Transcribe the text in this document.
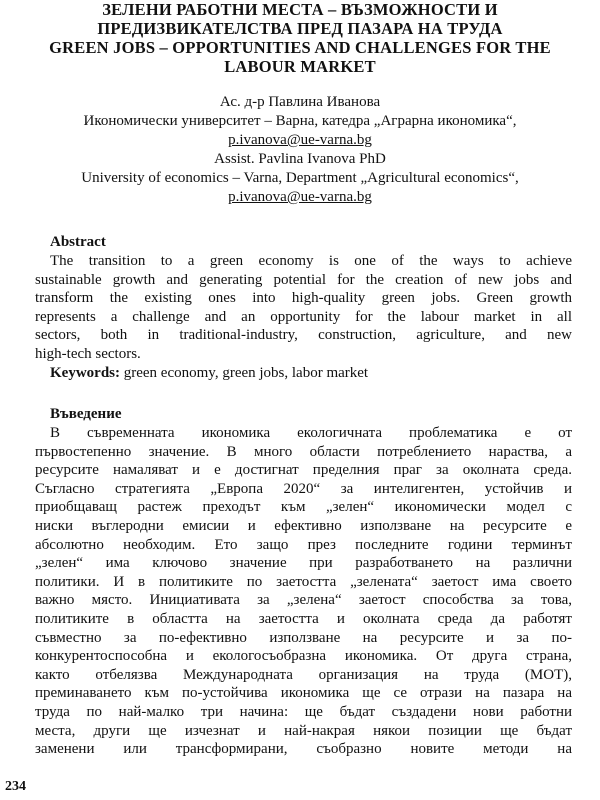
ЗЕЛЕНИ РАБОТНИ МЕСТА – ВЪЗМОЖНОСТИ И
ПРЕДИЗВИКАТЕЛСТВА ПРЕД ПАЗАРА НА ТРУДА
GREEN JOBS – OPPORTUNITIES AND CHALLENGES FOR THE
LABOUR MARKET
Ас. д-р Павлина Иванова
Икономически университет – Варна, катедра „Аграрна икономика“,
p.ivanova@ue-varna.bg
Assist. Pavlina Ivanova PhD
University of economics – Varna, Department „Agricultural economics“,
p.ivanova@ue-varna.bg
Abstract
The transition to a green economy is one of the ways to achieve
sustainable growth and generating potential for the creation of new jobs and
transform the existing ones into high-quality green jobs. Green growth
represents a challenge and an opportunity for the labour market in all
sectors, both in traditional-industry, construction, agriculture, and new
high-tech sectors.
Keywords: green economy, green jobs, labor market
Въведение
В съвременната икономика екологичната проблематика е от
първостепенно значение. В много области потреблението нараства, а
ресурсите намаляват и е достигнат пределния праг за околната среда.
Съгласно стратегията „Европа 2020“ за интелигентен, устойчив и
приобщаващ растеж преходът към „зелен“ икономически модел с
ниски въглеродни емисии и ефективно използване на ресурсите е
абсолютно необходим. Ето защо през последните години терминът
„зелен“ има ключово значение при разработването на различни
политики. И в политиките по заетостта „зелената“ заетост има своето
важно място. Инициативата за „зелена“ заетост способства за това,
политиките в областта на заетостта и околната среда да работят
съвместно за по-ефективно използване на ресурсите и за по-
конкурентоспособна и екологосъобразна икономика. От друга страна,
както отбелязва Международната организация на труда (МОТ),
преминаването към по-устойчива икономика ще се отрази на пазара на
труда по най-малко три начина: ще бъдат създадени нови работни
места, други ще изчезнат и най-накрая някои позиции ще бъдат
заменени или трансформирани, съобразно новите методи на
234
